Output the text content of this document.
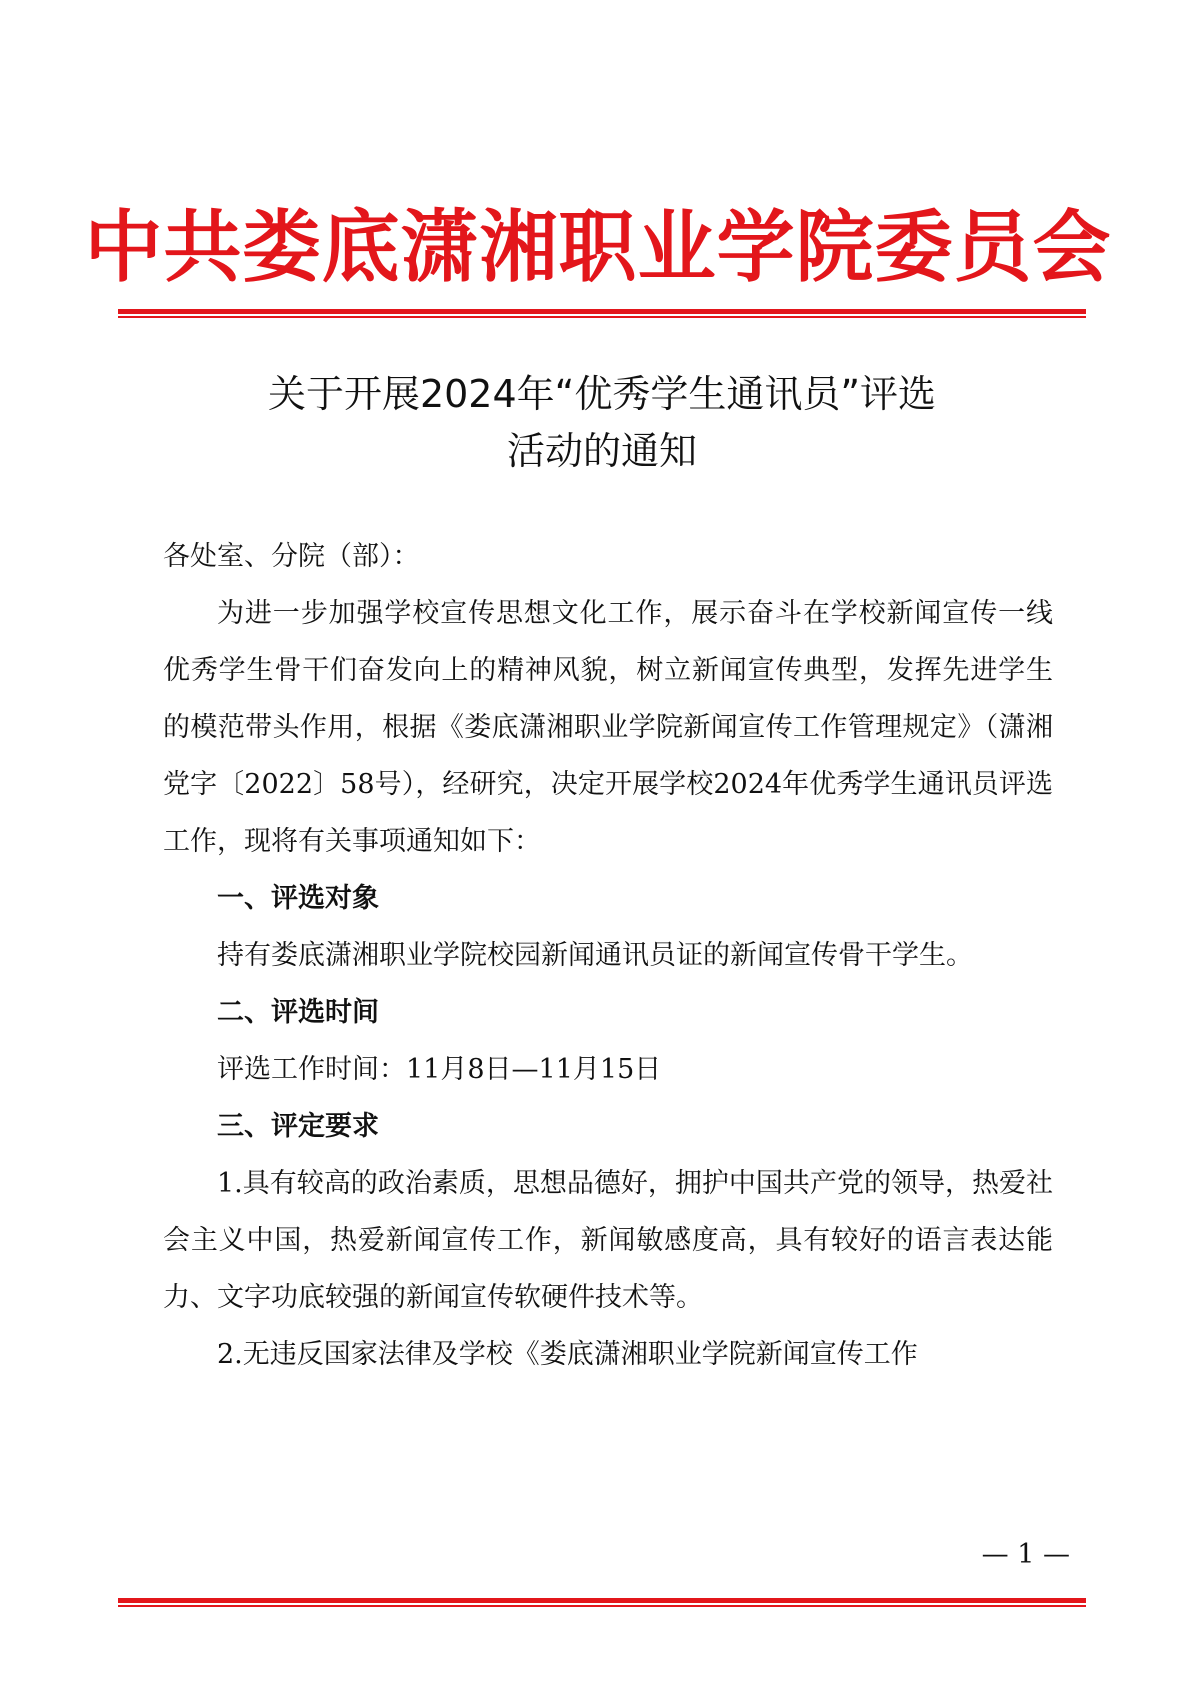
中共娄底潇湘职业学院委员会
关于开展2024年“优秀学生通讯员”评选
活动的通知

各处室、分院（部）：

为进一步加强学校宣传思想文化工作，展示奋斗在学校新闻宣传一线优秀学生骨干们奋发向上的精神风貌，树立新闻宣传典型，发挥先进学生的模范带头作用，根据《娄底潇湘职业学院新闻宣传工作管理规定》（潇湘党字〔2022〕58号），经研究，决定开展学校2024年优秀学生通讯员评选工作，现将有关事项通知如下：

一、评选对象

持有娄底潇湘职业学院校园新闻通讯员证的新闻宣传骨干学生。

二、评选时间

评选工作时间：11月8日—11月15日

三、评定要求

1.具有较高的政治素质，思想品德好，拥护中国共产党的领导，热爱社会主义中国，热爱新闻宣传工作，新闻敏感度高，具有较好的语言表达能力、文字功底较强的新闻宣传软硬件技术等。

2.无违反国家法律及学校《娄底潇湘职业学院新闻宣传工作

— 1 —
